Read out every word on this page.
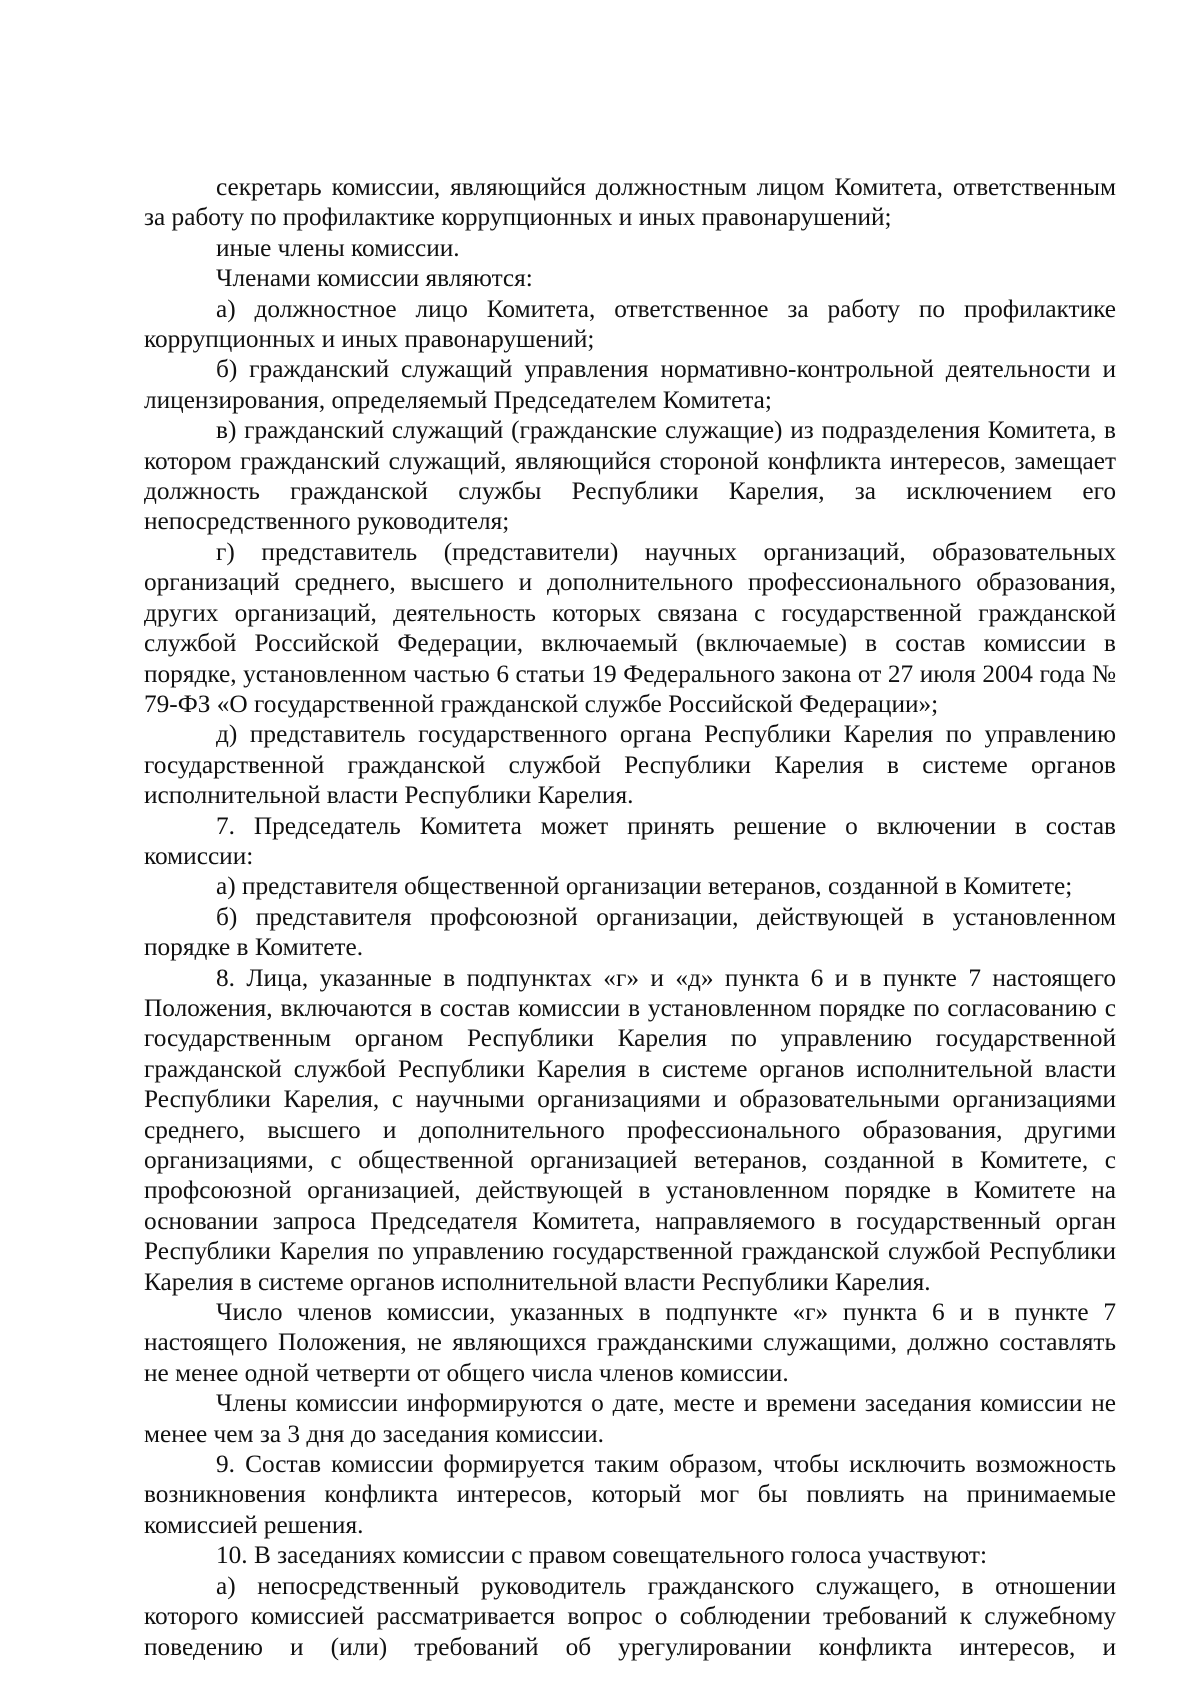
секретарь комиссии, являющийся должностным лицом Комитета, ответственным за работу по профилактике коррупционных и иных правонарушений;

иные члены комиссии.

Членами комиссии являются:

а) должностное лицо Комитета, ответственное за работу по профилактике коррупционных и иных правонарушений;

б) гражданский служащий управления нормативно-контрольной деятельности и лицензирования, определяемый Председателем Комитета;

в) гражданский служащий (гражданские служащие) из подразделения Комитета, в котором гражданский служащий, являющийся стороной конфликта интересов, замещает должность гражданской службы Республики Карелия, за исключением его непосредственного руководителя;

г) представитель (представители) научных организаций, образовательных организаций среднего, высшего и дополнительного профессионального образования, других организаций, деятельность которых связана с государственной гражданской службой Российской Федерации, включаемый (включаемые) в состав комиссии в порядке, установленном частью 6 статьи 19 Федерального закона от 27 июля 2004 года № 79-ФЗ «О государственной гражданской службе Российской Федерации»;

д) представитель государственного органа Республики Карелия по управлению государственной гражданской службой Республики Карелия в системе органов исполнительной власти Республики Карелия.

7. Председатель Комитета может принять решение о включении в состав комиссии:

а) представителя общественной организации ветеранов, созданной в Комитете;

б) представителя профсоюзной организации, действующей в установленном порядке в Комитете.

8. Лица, указанные в подпунктах «г» и «д» пункта 6 и в пункте 7 настоящего Положения, включаются в состав комиссии в установленном порядке по согласованию с государственным органом Республики Карелия по управлению государственной гражданской службой Республики Карелия в системе органов исполнительной власти Республики Карелия, с научными организациями и образовательными организациями среднего, высшего и дополнительного профессионального образования, другими организациями, с общественной организацией ветеранов, созданной в Комитете, с профсоюзной организацией, действующей в установленном порядке в Комитете на основании запроса Председателя Комитета, направляемого в государственный орган Республики Карелия по управлению государственной гражданской службой Республики Карелия в системе органов исполнительной власти Республики Карелия.

Число членов комиссии, указанных в подпункте «г» пункта 6 и в пункте 7 настоящего Положения, не являющихся гражданскими служащими, должно составлять не менее одной четверти от общего числа членов комиссии.

Члены комиссии информируются о дате, месте и времени заседания комиссии не менее чем за 3 дня до заседания комиссии.

9. Состав комиссии формируется таким образом, чтобы исключить возможность возникновения конфликта интересов, который мог бы повлиять на принимаемые комиссией решения.

10. В заседаниях комиссии с правом совещательного голоса участвуют:

а) непосредственный руководитель гражданского служащего, в отношении которого комиссией рассматривается вопрос о соблюдении требований к служебному поведению и (или) требований об урегулировании конфликта интересов, и
